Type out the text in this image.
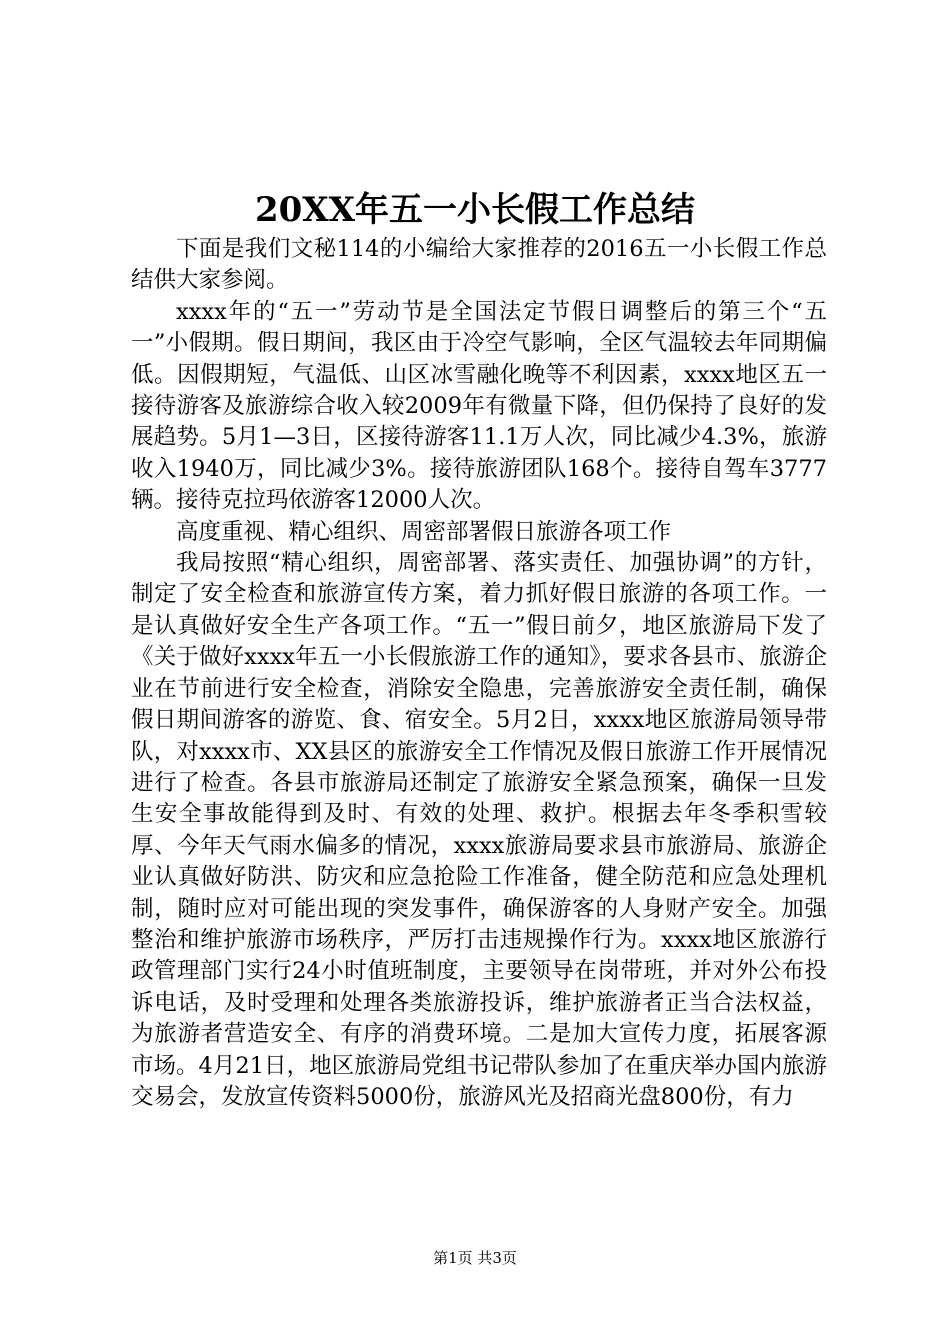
20XX年五一小长假工作总结

下面是我们文秘114的小编给大家推荐的2016五一小长假工作总结供大家参阅。

xxxx年的“五一”劳动节是全国法定节假日调整后的第三个“五一”小假期。假日期间，我区由于冷空气影响，全区气温较去年同期偏低。因假期短，气温低、山区冰雪融化晚等不利因素，xxxx地区五一接待游客及旅游综合收入较2009年有微量下降，但仍保持了良好的发展趋势。5月1—3日，区接待游客11.1万人次，同比减少4.3%，旅游收入1940万，同比减少3%。接待旅游团队168个。接待自驾车3777辆。接待克拉玛依游客12000人次。

高度重视、精心组织、周密部署假日旅游各项工作

我局按照“精心组织，周密部署、落实责任、加强协调”的方针，制定了安全检查和旅游宣传方案，着力抓好假日旅游的各项工作。一是认真做好安全生产各项工作。“五一”假日前夕，地区旅游局下发了《关于做好xxxx年五一小长假旅游工作的通知》，要求各县市、旅游企业在节前进行安全检查，消除安全隐患，完善旅游安全责任制，确保假日期间游客的游览、食、宿安全。5月2日，xxxx地区旅游局领导带队，对xxxx市、XX县区的旅游安全工作情况及假日旅游工作开展情况进行了检查。各县市旅游局还制定了旅游安全紧急预案，确保一旦发生安全事故能得到及时、有效的处理、救护。根据去年冬季积雪较厚、今年天气雨水偏多的情况，xxxx旅游局要求县市旅游局、旅游企业认真做好防洪、防灾和应急抢险工作准备，健全防范和应急处理机制，随时应对可能出现的突发事件，确保游客的人身财产安全。加强整治和维护旅游市场秩序，严厉打击违规操作行为。xxxx地区旅游行政管理部门实行24小时值班制度，主要领导在岗带班，并对外公布投诉电话，及时受理和处理各类旅游投诉，维护旅游者正当合法权益，为旅游者营造安全、有序的消费环境。二是加大宣传力度，拓展客源市场。4月21日，地区旅游局党组书记带队参加了在重庆举办国内旅游交易会，发放宣传资料5000份，旅游风光及招商光盘800份，有力

第1页 共3页
